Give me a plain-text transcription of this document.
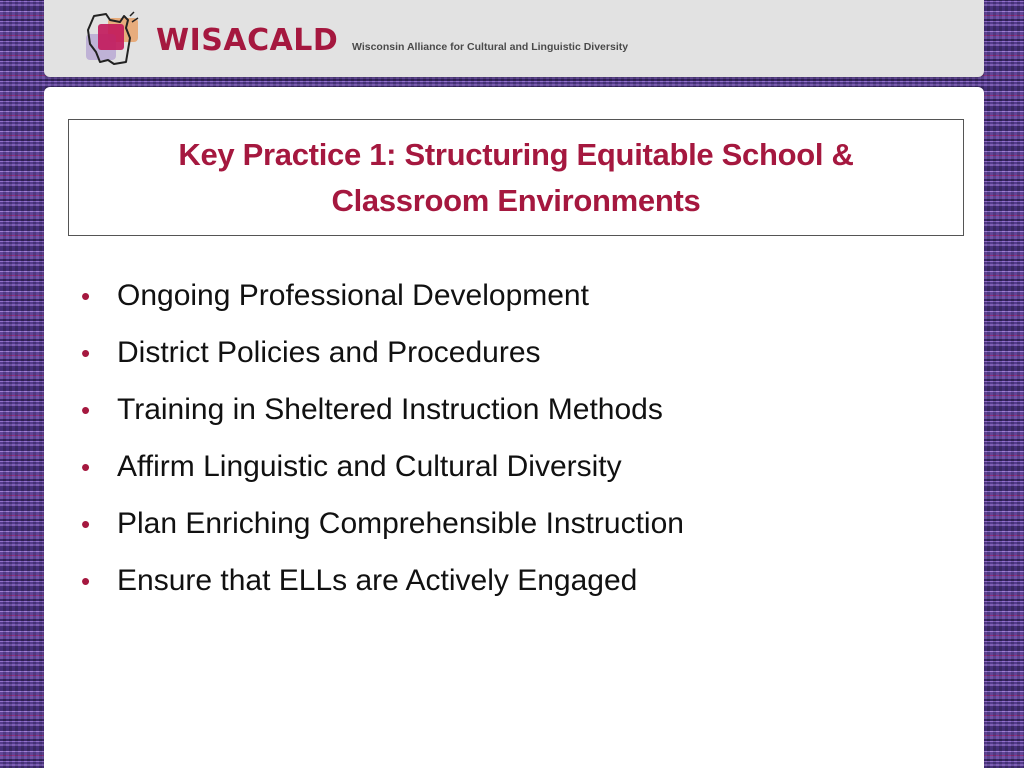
WISACALD Wisconsin Alliance for Cultural and Linguistic Diversity
Key Practice 1: Structuring Equitable School &
Classroom Environments
• Ongoing Professional Development
• District Policies and Procedures
• Training in Sheltered Instruction Methods
• Affirm Linguistic and Cultural Diversity
• Plan Enriching Comprehensible Instruction
• Ensure that ELLs are Actively Engaged
